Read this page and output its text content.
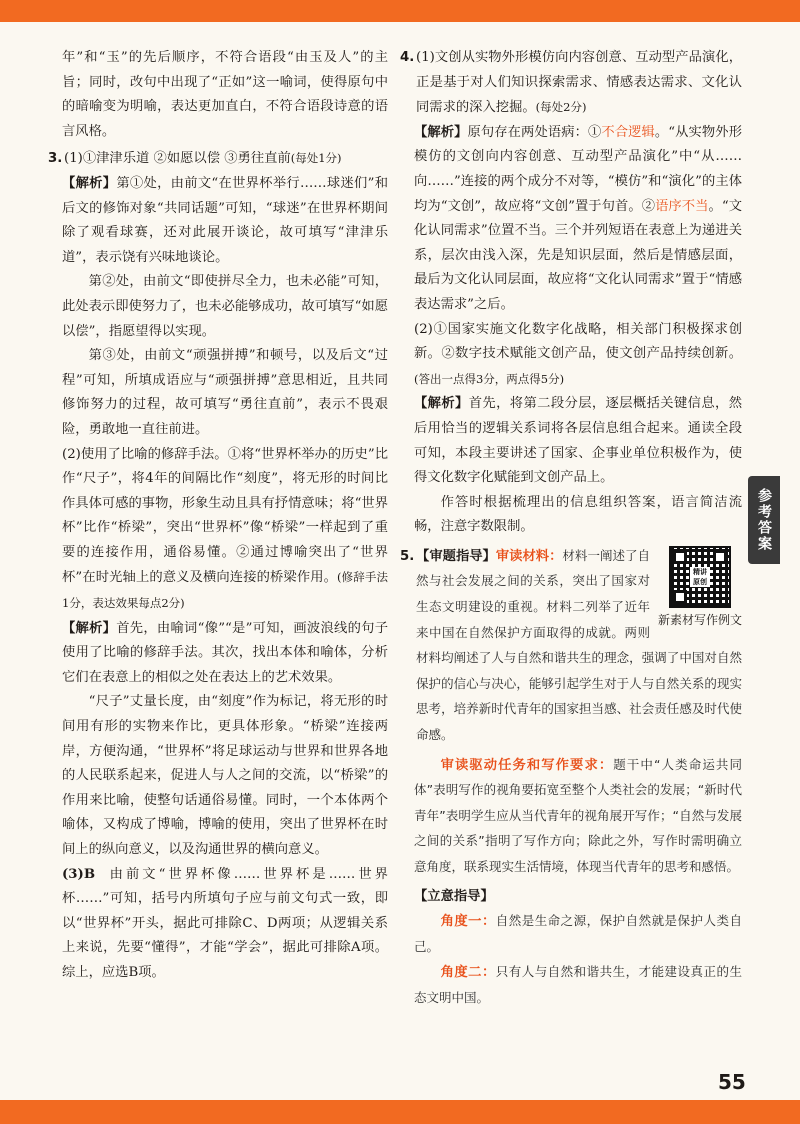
年”和“玉”的先后顺序，不符合语段“由玉及人”的主旨；同时，改句中出现了“正如”这一喻词，使得原句中的暗喻变为明喻，表达更加直白，不符合语段诗意的语言风格。

3. (1)①津津乐道 ②如愿以偿 ③勇往直前(每处1分)

【解析】第①处，由前文“在世界杯举行……球迷们”和后文的修饰对象“共同话题”可知，“球迷”在世界杯期间除了观看球赛，还对此展开谈论，故可填写“津津乐道”，表示饶有兴味地谈论。

第②处，由前文“即使拼尽全力，也未必能”可知，此处表示即使努力了，也未必能够成功，故可填写“如愿以偿”，指愿望得以实现。

第③处，由前文“顽强拼搏”和顿号，以及后文“过程”可知，所填成语应与“顽强拼搏”意思相近，且共同修饰努力的过程，故可填写“勇往直前”，表示不畏艰险，勇敢地一直往前进。

(2)使用了比喻的修辞手法。①将“世界杯举办的历史”比作“尺子”，将4年的间隔比作“刻度”，将无形的时间比作具体可感的事物，形象生动且具有抒情意味；将“世界杯”比作“桥梁”，突出“世界杯”像“桥梁”一样起到了重要的连接作用，通俗易懂。②通过博喻突出了“世界杯”在时光轴上的意义及横向连接的桥梁作用。(修辞手法1分，表达效果每点2分)

【解析】首先，由喻词“像”“是”可知，画波浪线的句子使用了比喻的修辞手法。其次，找出本体和喻体，分析它们在表意上的相似之处在表达上的艺术效果。

“尺子”丈量长度，由“刻度”作为标记，将无形的时间用有形的实物来作比，更具体形象。“桥梁”连接两岸，方便沟通，“世界杯”将足球运动与世界和世界各地的人民联系起来，促进人与人之间的交流，以“桥梁”的作用来比喻，使整句话通俗易懂。同时，一个本体两个喻体，又构成了博喻，博喻的使用，突出了世界杯在时间上的纵向意义，以及沟通世界的横向意义。

(3)B 由前文“世界杯像……世界杯是……世界杯……”可知，括号内所填句子应与前文句式一致，即以“世界杯”开头，据此可排除C、D两项；从逻辑关系上来说，先要“懂得”，才能“学会”，据此可排除A项。综上，应选B项。

4. (1)文创从实物外形模仿向内容创意、互动型产品演化，正是基于对人们知识探索需求、情感表达需求、文化认同需求的深入挖掘。(每处2分)

【解析】原句存在两处语病：①不合逻辑。“从实物外形模仿的文创向内容创意、互动型产品演化”中“从……向……”连接的两个成分不对等，“模仿”和“演化”的主体均为“文创”，故应将“文创”置于句首。②语序不当。“文化认同需求”位置不当。三个并列短语在表意上为递进关系，层次由浅入深，先是知识层面，然后是情感层面，最后为文化认同层面，故应将“文化认同需求”置于“情感表达需求”之后。

(2)①国家实施文化数字化战略，相关部门积极探求创新。②数字技术赋能文创产品，使文创产品持续创新。(答出一点得3分，两点得5分)

【解析】首先，将第二段分层，逐层概括关键信息，然后用恰当的逻辑关系词将各层信息组合起来。通读全段可知，本段主要讲述了国家、企事业单位积极作为，使得文化数字化赋能到文创产品上。

作答时根据梳理出的信息组织答案，语言简洁流畅，注意字数限制。

5.
精讲原创
新素材写作例文
【审题指导】审读材料：材料一阐述了自然与社会发展之间的关系，突出了国家对生态文明建设的重视。材料二列举了近年来中国在自然保护方面取得的成就。两则材料均阐述了人与自然和谐共生的理念，强调了中国对自然保护的信心与决心，能够引起学生对于人与自然关系的现实思考，培养新时代青年的国家担当感、社会责任感及时代使命感。

审读驱动任务和写作要求：题干中“人类命运共同体”表明写作的视角要拓宽至整个人类社会的发展；“新时代青年”表明学生应从当代青年的视角展开写作；“自然与发展之间的关系”指明了写作方向；除此之外，写作时需明确立意角度，联系现实生活情境，体现当代青年的思考和感悟。

【立意指导】

角度一：自然是生命之源，保护自然就是保护人类自己。

角度二：只有人与自然和谐共生，才能建设真正的生态文明中国。

参考答案
55
